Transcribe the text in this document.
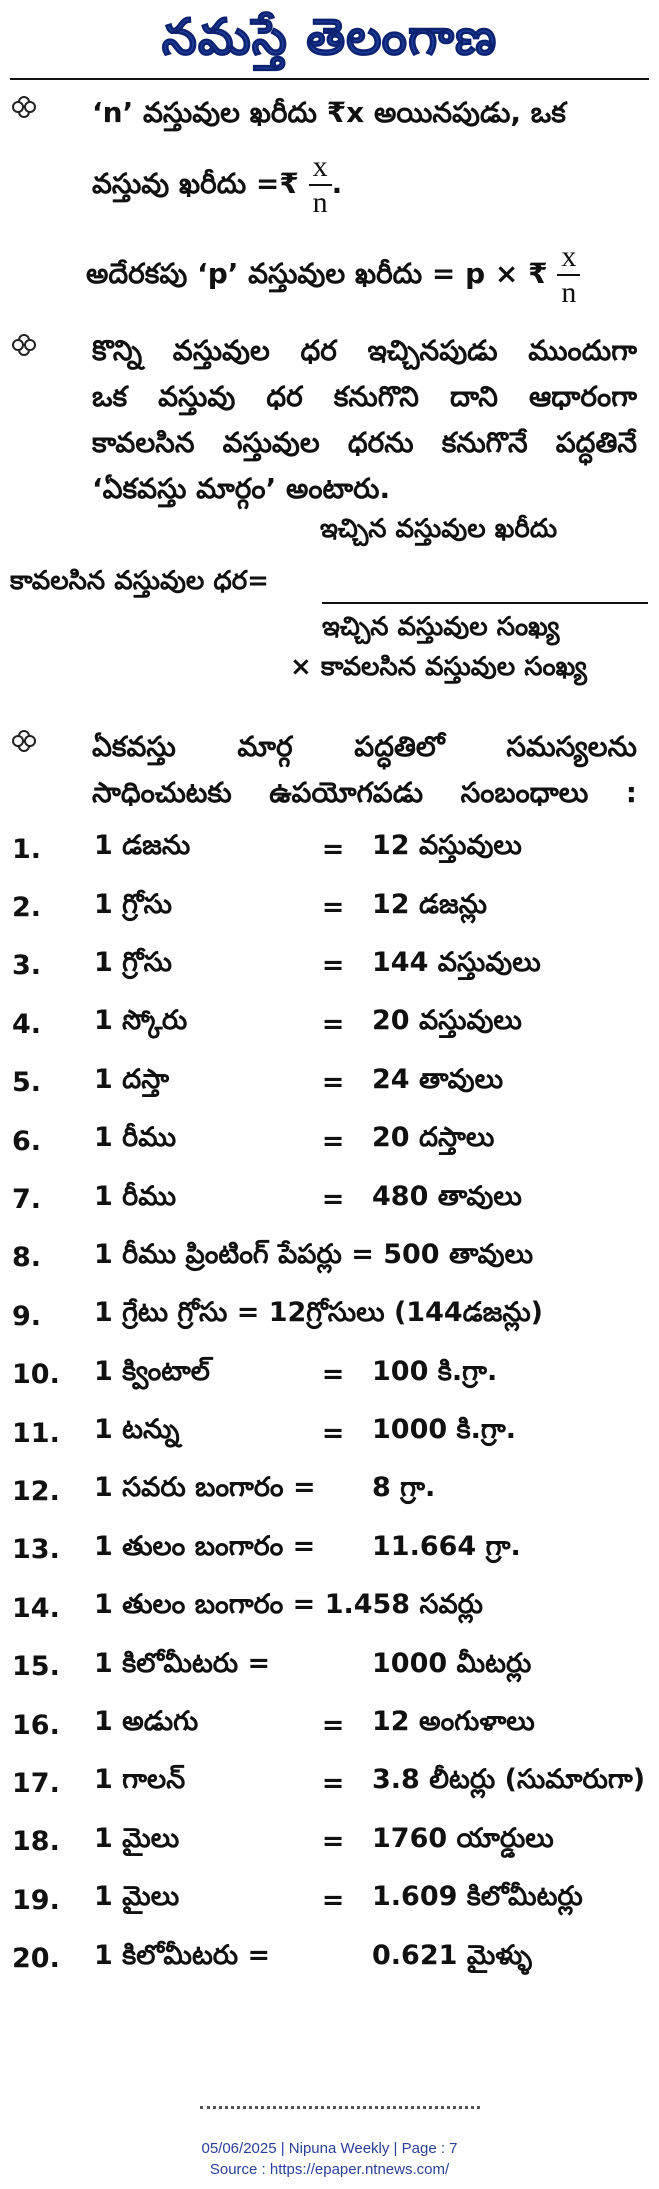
నమస్తే తెలంగాణ
‘n’ వస్తువుల ఖరీదు ₹x అయినపుడు, ఒక
వస్తువు ఖరీదు =₹ $\frac{x}{n}$ .
అదేరకపు ‘p’ వస్తువుల ఖరీదు = p × ₹ $\frac{x}{n}$
కొన్ని వస్తువుల ధర ఇచ్చినపుడు ముందుగా
ఒక వస్తువు ధర కనుగొని దాని ఆధారంగా
కావలసిన వస్తువుల ధరను కనుగొనే పద్ధతినే
‘ఏకవస్తు మార్గం’ అంటారు.
ఇచ్చిన వస్తువుల ఖరీదు
కావలసిన వస్తువుల ధర=
ఇచ్చిన వస్తువుల సంఖ్య
× కావలసిన వస్తువుల సంఖ్య
ఏకవస్తు మార్గ పద్ధతిలో సమస్యలను
సాధించుటకు ఉపయోగపడు సంబంధాలు :
1.	1 డజను	=	12 వస్తువులు
2.	1 గ్రోసు	=	12 డజన్లు
3.	1 గ్రోసు	=	144 వస్తువులు
4.	1 స్కోరు	=	20 వస్తువులు
5.	1 దస్తా	=	24 తావులు
6.	1 రీము	=	20 దస్తాలు
7.	1 రీము	=	480 తావులు
8.	1 రీము ప్రింటింగ్ పేపర్లు = 500 తావులు		
9.	1 గ్రేటు గ్రోసు = 12గ్రోసులు (144డజన్లు)		
10.	1 క్వింటాల్	=	100 కి.గ్రా.
11.	1 టన్ను	=	1000 కి.గ్రా.
12.	1 సవరు బంగారం =		8 గ్రా.
13.	1 తులం బంగారం =		11.664 గ్రా.
14.	1 తులం బంగారం = 1.458 సవర్లు		
15.	1 కిలోమీటరు =		1000 మీటర్లు
16.	1 అడుగు	=	12 అంగుళాలు
17.	1 గాలన్	=	3.8 లీటర్లు (సుమారుగా)
18.	1 మైలు	=	1760 యార్డులు
19.	1 మైలు	=	1.609 కిలోమీటర్లు
20.	1 కిలోమీటరు =		0.621 మైళ్ళు
05/06/2025 | Nipuna Weekly | Page : 7
Source : https://epaper.ntnews.com/
